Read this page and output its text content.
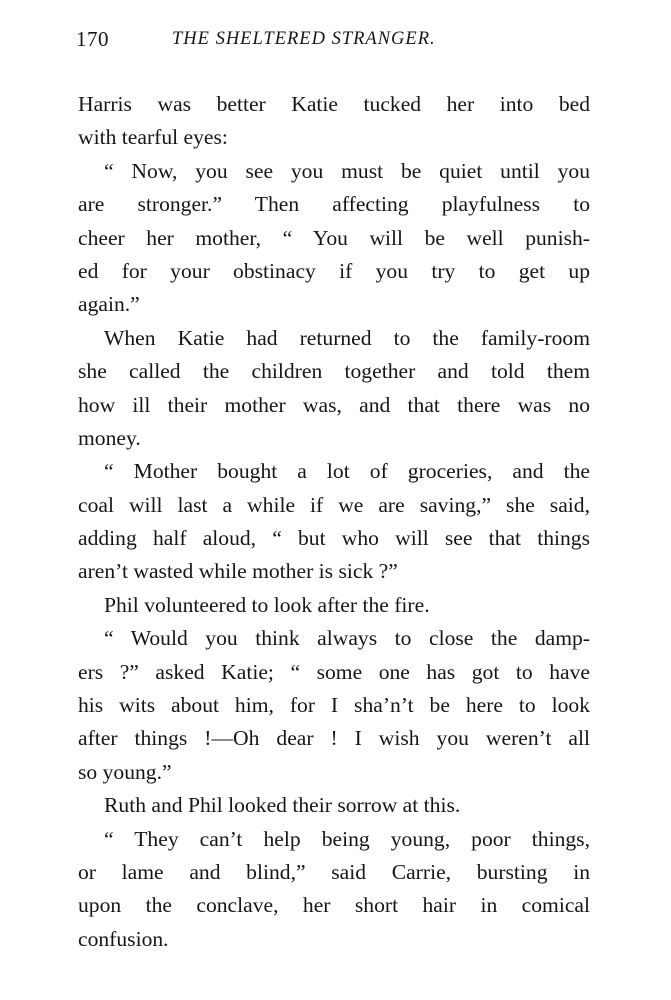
170	THE SHELTERED STRANGER.
Harris was better Katie tucked her into bed
with tearful eyes:
“ Now, you see you must be quiet until you
are stronger.” Then affecting playfulness to
cheer her mother, “ You will be well punish-
ed for your obstinacy if you try to get up
again.”
When Katie had returned to the family-room
she called the children together and told them
how ill their mother was, and that there was no
money.
“ Mother bought a lot of groceries, and the
coal will last a while if we are saving,” she said,
adding half aloud, “ but who will see that things
aren’t wasted while mother is sick ?”
Phil volunteered to look after the fire.
“ Would you think always to close the damp-
ers ?” asked Katie; “ some one has got to have
his wits about him, for I sha’n’t be here to look
after things !—Oh dear ! I wish you weren’t all
so young.”
Ruth and Phil looked their sorrow at this.
“ They can’t help being young, poor things,
or lame and blind,” said Carrie, bursting in
upon the conclave, her short hair in comical
confusion.
